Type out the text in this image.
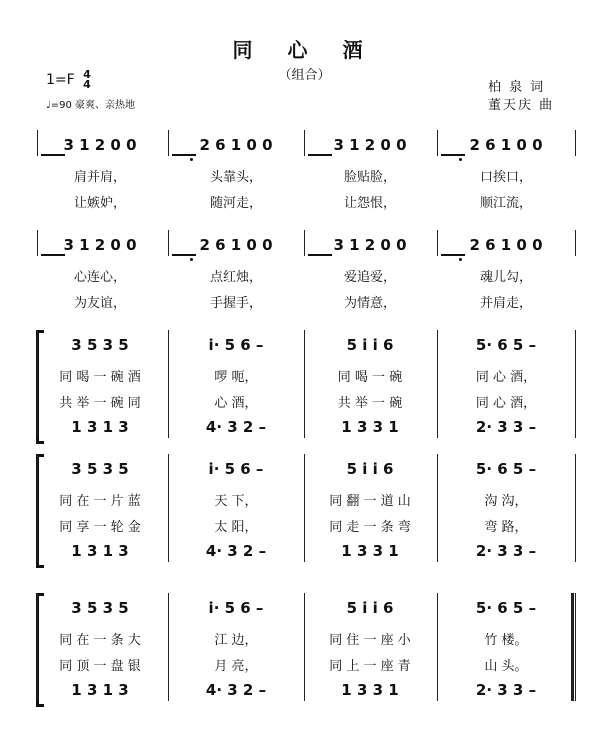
同 心 酒
（组合）
1=F 4
4
♩=90 豪爽、亲热地
柏 泉 词
董天庆 曲
3 1 2 0 0	2 6 1 0 0	3 1 2 0 0	2 6 1 0 0
肩并肩，	头靠头，	脸贴脸，	口挨口，
让嫉妒，	随河走，	让怨恨，	顺江流，
3 1 2 0 0	2 6 1 0 0	3 1 2 0 0	2 6 1 0 0
心连心，	点红烛，	爱追爱，	魂儿勾，
为友谊，	手握手，	为情意，	并肩走，
3 5 3 5	i· 5 6 –	5 i i 6	5· 6 5 –
同 喝 一 碗 酒	啰 呃，	同 喝 一 碗	同 心 酒，
共 举 一 碗 同	心 酒，	共 举 一 碗	同 心 酒，
1 3 1 3	4· 3 2 –	1 3 3 1	2· 3 3 –
3 5 3 5	i· 5 6 –	5 i i 6	5· 6 5 –
同 在 一 片 蓝	天 下，	同 翻 一 道 山	沟 沟，
同 享 一 轮 金	太 阳，	同 走 一 条 弯	弯 路，
1 3 1 3	4· 3 2 –	1 3 3 1	2· 3 3 –
3 5 3 5	i· 5 6 –	5 i i 6	5· 6 5 –
同 在 一 条 大	江 边，	同 住 一 座 小	竹 楼。
同 顶 一 盘 银	月 亮，	同 上 一 座 青	山 头。
1 3 1 3	4· 3 2 –	1 3 3 1	2· 3 3 –
